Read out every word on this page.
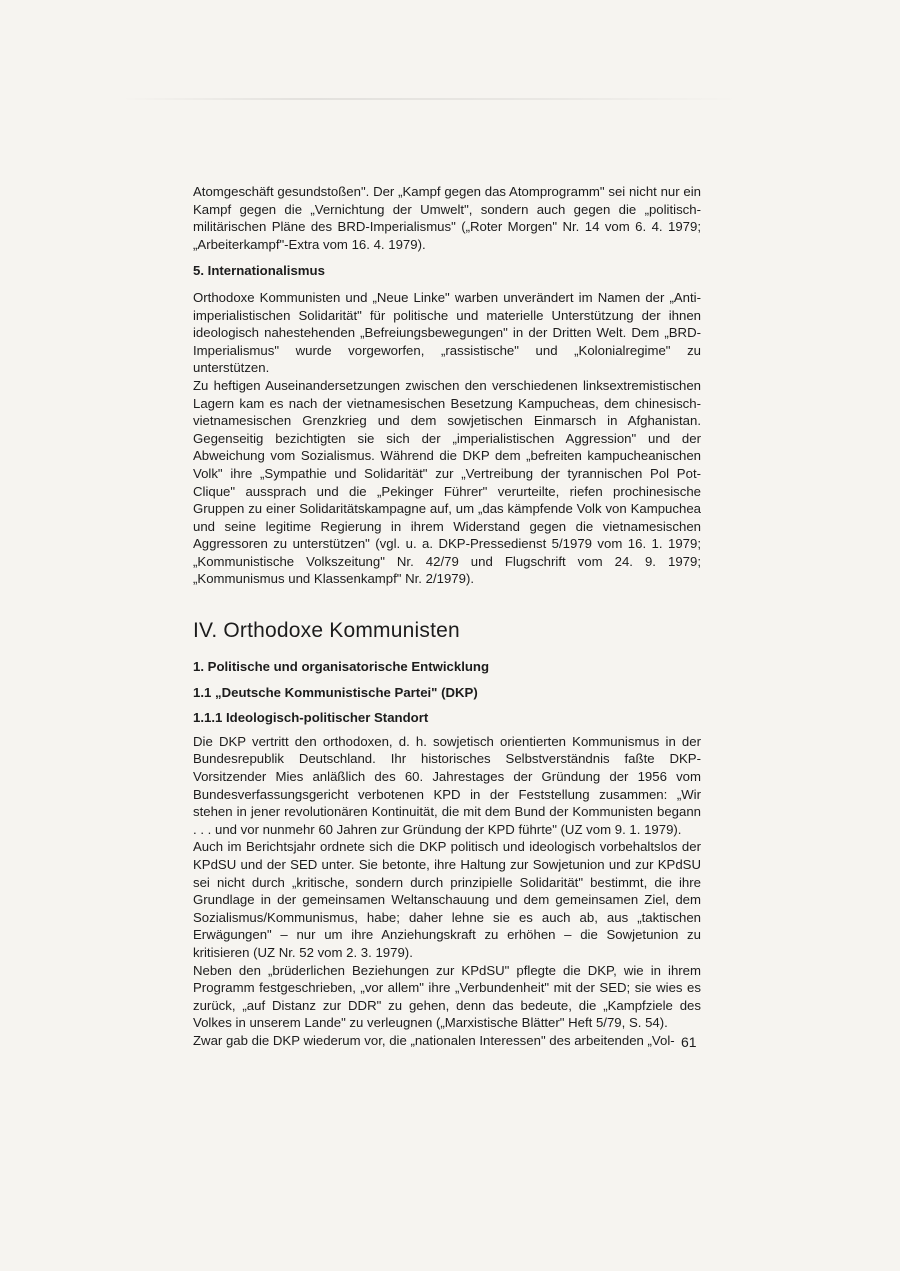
Atomgeschäft gesundstoßen". Der „Kampf gegen das Atomprogramm" sei nicht nur ein Kampf gegen die „Vernichtung der Umwelt", sondern auch gegen die „politisch-militärischen Pläne des BRD-Imperialismus" („Roter Morgen" Nr. 14 vom 6. 4. 1979; „Arbeiterkampf"-Extra vom 16. 4. 1979).

5. Internationalismus

Orthodoxe Kommunisten und „Neue Linke" warben unverändert im Namen der „Anti-imperialistischen Solidarität" für politische und materielle Unterstützung der ihnen ideologisch nahestehenden „Befreiungsbewegungen" in der Dritten Welt. Dem „BRD-Imperialismus" wurde vorgeworfen, „rassistische" und „Kolonialregime" zu unterstützen.

Zu heftigen Auseinandersetzungen zwischen den verschiedenen linksextremistischen Lagern kam es nach der vietnamesischen Besetzung Kampucheas, dem chinesisch-vietnamesischen Grenzkrieg und dem sowjetischen Einmarsch in Afghanistan. Gegenseitig bezichtigten sie sich der „imperialistischen Aggression" und der Abweichung vom Sozialismus. Während die DKP dem „befreiten kampucheanischen Volk" ihre „Sympathie und Solidarität" zur „Vertreibung der tyrannischen Pol Pot-Clique" aussprach und die „Pekinger Führer" verurteilte, riefen prochinesische Gruppen zu einer Solidaritätskampagne auf, um „das kämpfende Volk von Kampuchea und seine legitime Regierung in ihrem Widerstand gegen die vietnamesischen Aggressoren zu unterstützen" (vgl. u. a. DKP-Pressedienst 5/1979 vom 16. 1. 1979; „Kommunistische Volkszeitung" Nr. 42/79 und Flugschrift vom 24. 9. 1979; „Kommunismus und Klassenkampf" Nr. 2/1979).

IV. Orthodoxe Kommunisten
1. Politische und organisatorische Entwicklung
1.1 „Deutsche Kommunistische Partei" (DKP)
1.1.1 Ideologisch-politischer Standort

Die DKP vertritt den orthodoxen, d. h. sowjetisch orientierten Kommunismus in der Bundesrepublik Deutschland. Ihr historisches Selbstverständnis faßte DKP-Vorsitzender Mies anläßlich des 60. Jahrestages der Gründung der 1956 vom Bundesverfassungsgericht verbotenen KPD in der Feststellung zusammen: „Wir stehen in jener revolutionären Kontinuität, die mit dem Bund der Kommunisten begann . . . und vor nunmehr 60 Jahren zur Gründung der KPD führte" (UZ vom 9. 1. 1979).

Auch im Berichtsjahr ordnete sich die DKP politisch und ideologisch vorbehaltslos der KPdSU und der SED unter. Sie betonte, ihre Haltung zur Sowjetunion und zur KPdSU sei nicht durch „kritische, sondern durch prinzipielle Solidarität" bestimmt, die ihre Grundlage in der gemeinsamen Weltanschauung und dem gemeinsamen Ziel, dem Sozialismus/Kommunismus, habe; daher lehne sie es auch ab, aus „taktischen Erwägungen" – nur um ihre Anziehungskraft zu erhöhen – die Sowjetunion zu kritisieren (UZ Nr. 52 vom 2. 3. 1979).

Neben den „brüderlichen Beziehungen zur KPdSU" pflegte die DKP, wie in ihrem Programm festgeschrieben, „vor allem" ihre „Verbundenheit" mit der SED; sie wies es zurück, „auf Distanz zur DDR" zu gehen, denn das bedeute, die „Kampfziele des Volkes in unserem Lande" zu verleugnen („Marxistische Blätter" Heft 5/79, S. 54).

Zwar gab die DKP wiederum vor, die „nationalen Interessen" des arbeitenden „Vol- 61
